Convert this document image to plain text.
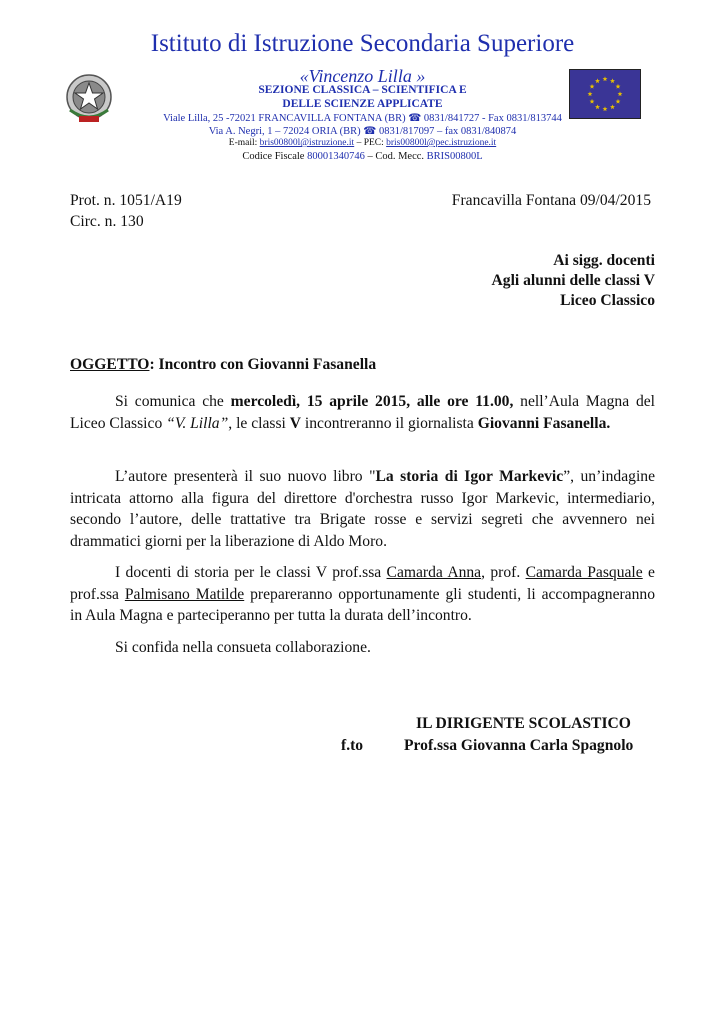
Istituto di Istruzione Secondaria Superiore
«Vincenzo Lilla »
SEZIONE CLASSICA – SCIENTIFICA E
DELLE SCIENZE APPLICATE
Viale Lilla, 25 -72021 FRANCAVILLA FONTANA (BR) ☎ 0831/841727 - Fax 0831/813744
Via A. Negri, 1 – 72024 ORIA (BR) ☎ 0831/817097 – fax 0831/840874
E-mail: bris00800l@istruzione.it – PEC: bris00800l@pec.istruzione.it
Codice Fiscale 80001340746 – Cod. Mecc. BRIS00800L
Prot. n. 1051/A19
Circ. n. 130
Francavilla Fontana 09/04/2015
Ai sigg. docenti
Agli alunni delle classi V
Liceo Classico
OGGETTO: Incontro con Giovanni Fasanella
Si comunica che mercoledì, 15 aprile 2015, alle ore 11.00, nell’Aula Magna del Liceo Classico “V. Lilla”, le classi V incontreranno il giornalista Giovanni Fasanella.
L’autore presenterà il suo nuovo libro "La storia di Igor Markevic”, un’indagine intricata attorno alla figura del direttore d'orchestra russo Igor Markevic, intermediario, secondo l’autore, delle trattative tra Brigate rosse e servizi segreti che avvennero nei drammatici giorni per la liberazione di Aldo Moro.
I docenti di storia per le classi V prof.ssa Camarda Anna, prof. Camarda Pasquale e prof.ssa Palmisano Matilde prepareranno opportunamente gli studenti, li accompagneranno in Aula Magna e parteciperanno per tutta la durata dell’incontro.
Si confida nella consueta collaborazione.
IL DIRIGENTE SCOLASTICO
f.to	Prof.ssa Giovanna Carla Spagnolo
